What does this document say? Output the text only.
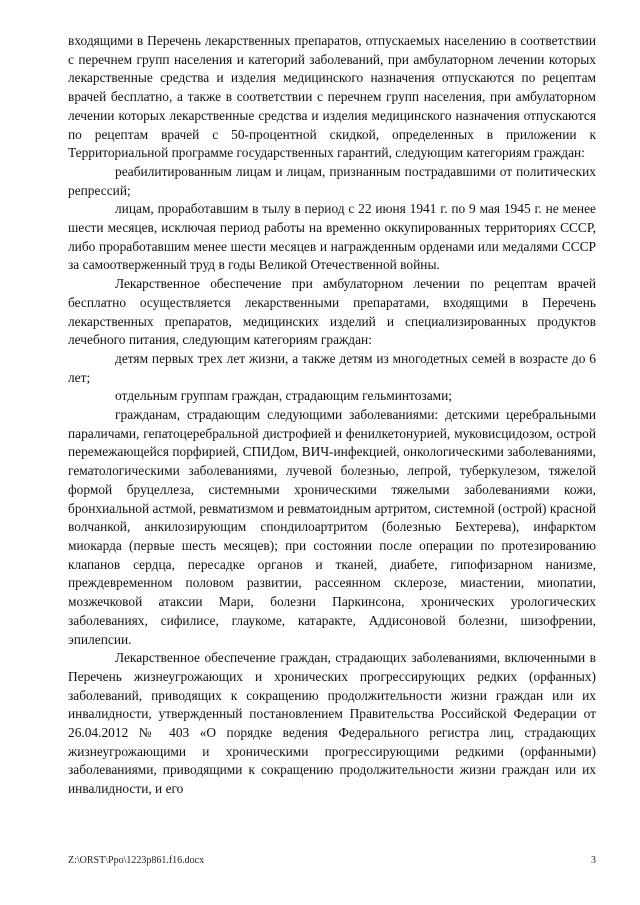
входящими в Перечень лекарственных препаратов, отпускаемых населению в соответствии с перечнем групп населения и категорий заболеваний, при амбулаторном лечении которых лекарственные средства и изделия медицинского назначения отпускаются по рецептам врачей бесплатно, а также в соответствии с перечнем групп населения, при амбулаторном лечении которых лекарственные средства и изделия медицинского назначения отпускаются по рецептам врачей с 50-процентной скидкой, определенных в приложении к Территориальной программе государственных гарантий, следующим категориям граждан:

реабилитированным лицам и лицам, признанным пострадавшими от политических репрессий;

лицам, проработавшим в тылу в период с 22 июня 1941 г. по 9 мая 1945 г. не менее шести месяцев, исключая период работы на временно оккупированных территориях СССР, либо проработавшим менее шести месяцев и награжденным орденами или медалями СССР за самоотверженный труд в годы Великой Отечественной войны.

Лекарственное обеспечение при амбулаторном лечении по рецептам врачей бесплатно осуществляется лекарственными препаратами, входящими в Перечень лекарственных препаратов, медицинских изделий и специализированных продуктов лечебного питания, следующим категориям граждан:

детям первых трех лет жизни, а также детям из многодетных семей в возрасте до 6 лет;

отдельным группам граждан, страдающим гельминтозами;

гражданам, страдающим следующими заболеваниями: детскими церебральными параличами, гепатоцеребральной дистрофией и фенилкетонурией, муковисцидозом, острой перемежающейся порфирией, СПИДом, ВИЧ-инфекцией, онкологическими заболеваниями, гематологическими заболеваниями, лучевой болезнью, лепрой, туберкулезом, тяжелой формой бруцеллеза, системными хроническими тяжелыми заболеваниями кожи, бронхиальной астмой, ревматизмом и ревматоидным артритом, системной (острой) красной волчанкой, анкилозирующим спондилоартритом (болезнью Бехтерева), инфарктом миокарда (первые шесть месяцев); при состоянии после операции по протезированию клапанов сердца, пересадке органов и тканей, диабете, гипофизарном нанизме, преждевременном половом развитии, рассеянном склерозе, миастении, миопатии, мозжечковой атаксии Мари, болезни Паркинсона, хронических урологических заболеваниях, сифилисе, глаукоме, катаракте, Аддисоновой болезни, шизофрении, эпилепсии.

Лекарственное обеспечение граждан, страдающих заболеваниями, включенными в Перечень жизнеугрожающих и хронических прогрессирующих редких (орфанных) заболеваний, приводящих к сокращению продолжительности жизни граждан или их инвалидности, утвержденный постановлением Правительства Российской Федерации от 26.04.2012 № 403 «О порядке ведения Федерального регистра лиц, страдающих жизнеугрожающими и хроническими прогрессирующими редкими (орфанными) заболеваниями, приводящими к сокращению продолжительности жизни граждан или их инвалидности, и его

Z:\ORST\Ppo\1223p861.f16.docx	3
